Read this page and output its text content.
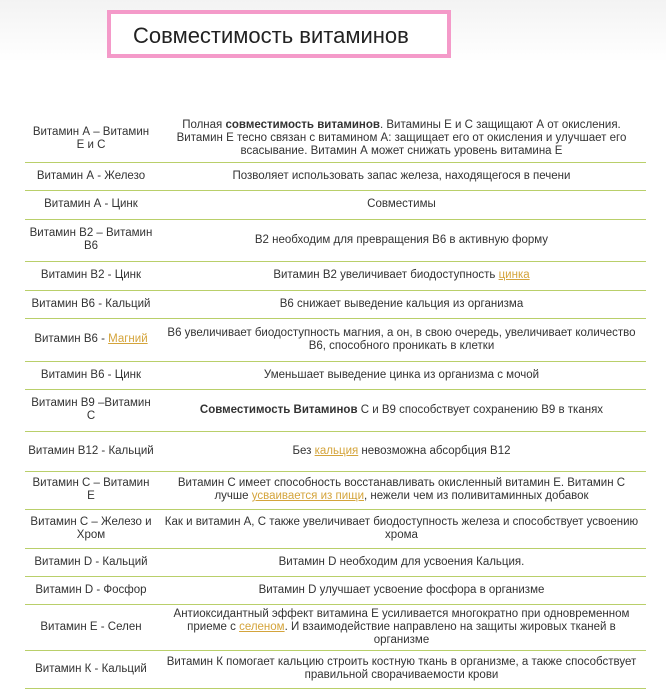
Совместимость витаминов
Витамин А – Витамин Е и С	Полная совместимость витаминов. Витамины Е и С защищают А от окисления. Витамин Е тесно связан с витамином А: защищает его от окисления и улучшает его всасывание. Витамин А может снижать уровень витамина Е
Витамин А - Железо	Позволяет использовать запас железа, находящегося в печени
Витамин А - Цинк	Совместимы
Витамин В2 – Витамин В6	В2 необходим для превращения В6 в активную форму
Витамин В2 - Цинк	Витамин В2 увеличивает биодоступность цинка
Витамин В6 - Кальций	В6 снижает выведение кальция из организма
Витамин В6 - Магний	В6 увеличивает биодоступность магния, а он, в свою очередь, увеличивает количество В6, способного проникать в клетки
Витамин В6 - Цинк	Уменьшает выведение цинка из организма с мочой
Витамин В9 –Витамин С	Совместимость Витаминов С и В9 способствует сохранению В9 в тканях
Витамин В12 - Кальций	Без кальция невозможна абсорбция В12
Витамин С – Витамин Е	Витамин С имеет способность восстанавливать окисленный витамин Е. Витамин С лучше усваивается из пищи, нежели чем из поливитаминных добавок
Витамин С – Железо и Хром	Как и витамин А, С также увеличивает биодоступность железа и способствует усвоению хрома
Витамин D - Кальций	Витамин D необходим для усвоения Кальция.
Витамин D - Фосфор	Витамин D улучшает усвоение фосфора в организме
Витамин Е - Селен	Антиоксидантный эффект витамина Е усиливается многократно при одновременном приеме с селеном. И взаимодействие направлено на защиты жировых тканей в организме
Витамин К - Кальций	Витамин К помогает кальцию строить костную ткань в организме, а также способствует правильной сворачиваемости крови
